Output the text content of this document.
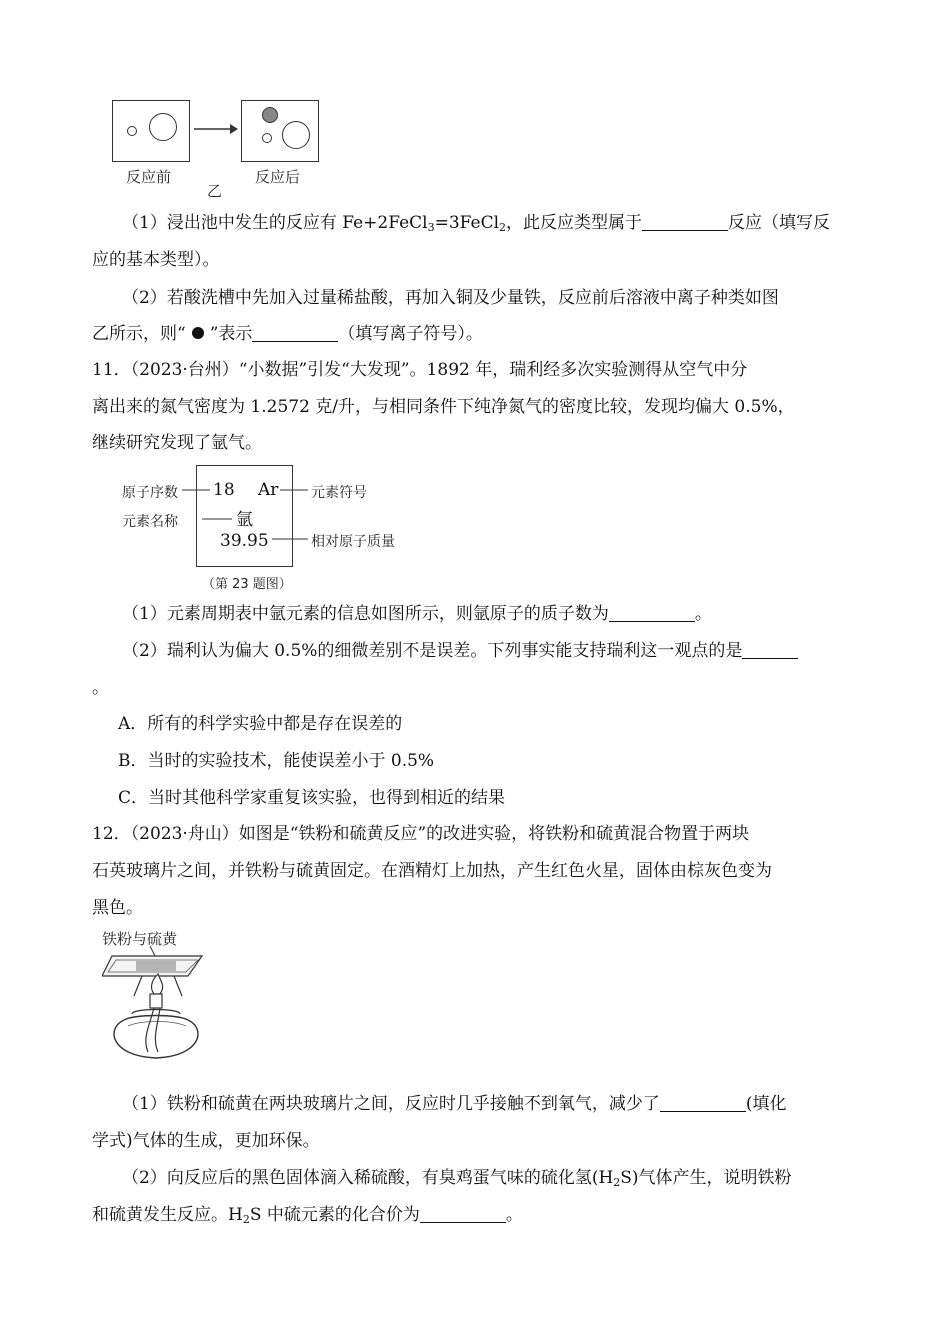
反应前	反应后
乙
（1）浸出池中发生的反应有 Fe+2FeCl$_3$=3FeCl$_2$，此反应类型属于	反应（填写反
应的基本类型）。
（2）若酸洗槽中先加入过量稀盐酸，再加入铜及少量铁，反应前后溶液中离子种类如图
乙所示，则“ ”表示	（填写离子符号）。
11．（2023·台州）“小数据”引发“大发现”。1892 年，瑞利经多次实验测得从空气中分
离出来的氮气密度为 1.2572 克/升，与相同条件下纯净氮气的密度比较，发现均偏大 0.5%，
继续研究发现了氩气。
原子序数
元素名称
18 Ar
氩
39.95
元素符号
相对原子质量
（第 23 题图）
（1）元素周期表中氩元素的信息如图所示，则氩原子的质子数为	。
（2）瑞利认为偏大 0.5%的细微差别不是误差。下列事实能支持瑞利这一观点的是
。
A．所有的科学实验中都是存在误差的
B．当时的实验技术，能使误差小于 0.5%
C．当时其他科学家重复该实验，也得到相近的结果
12．（2023·舟山）如图是“铁粉和硫黄反应”的改进实验，将铁粉和硫黄混合物置于两块
石英玻璃片之间，并铁粉与硫黄固定。在酒精灯上加热，产生红色火星，固体由棕灰色变为
黑色。
铁粉与硫黄
（1）铁粉和硫黄在两块玻璃片之间，反应时几乎接触不到氧气，减少了	(填化
学式)气体的生成，更加环保。
（2）向反应后的黑色固体滴入稀硫酸，有臭鸡蛋气味的硫化氢$(H_2S)$气体产生，说明铁粉
和硫黄发生反应。$H_2S$ 中硫元素的化合价为	。
